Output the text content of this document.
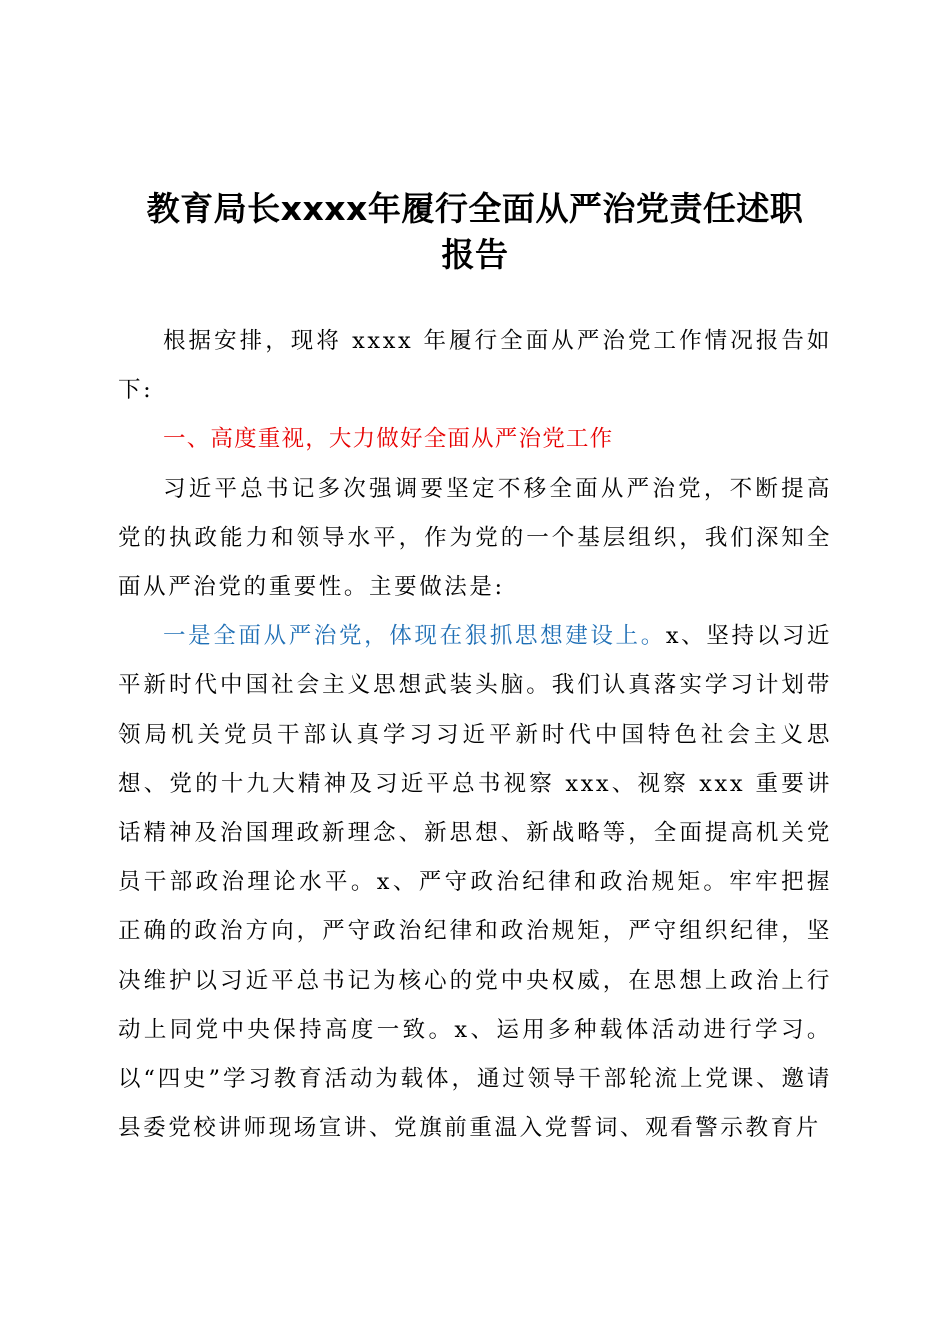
教育局长xxxx年履行全面从严治党责任述职
报告

根据安排，现将 xxxx 年履行全面从严治党工作情况报告如下:

一、高度重视，大力做好全面从严治党工作

习近平总书记多次强调要坚定不移全面从严治党，不断提高党的执政能力和领导水平，作为党的一个基层组织，我们深知全面从严治党的重要性。主要做法是:

一是全面从严治党，体现在狠抓思想建设上。x、坚持以习近平新时代中国社会主义思想武装头脑。我们认真落实学习计划带领局机关党员干部认真学习习近平新时代中国特色社会主义思想、党的十九大精神及习近平总书视察 xxx、视察 xxx 重要讲话精神及治国理政新理念、新思想、新战略等，全面提高机关党员干部政治理论水平。x、严守政治纪律和政治规矩。牢牢把握正确的政治方向，严守政治纪律和政治规矩，严守组织纪律，坚决维护以习近平总书记为核心的党中央权威，在思想上政治上行动上同党中央保持高度一致。x、运用多种载体活动进行学习。以“四史”学习教育活动为载体，通过领导干部轮流上党课、邀请县委党校讲师现场宣讲、党旗前重温入党誓词、观看警示教育片
